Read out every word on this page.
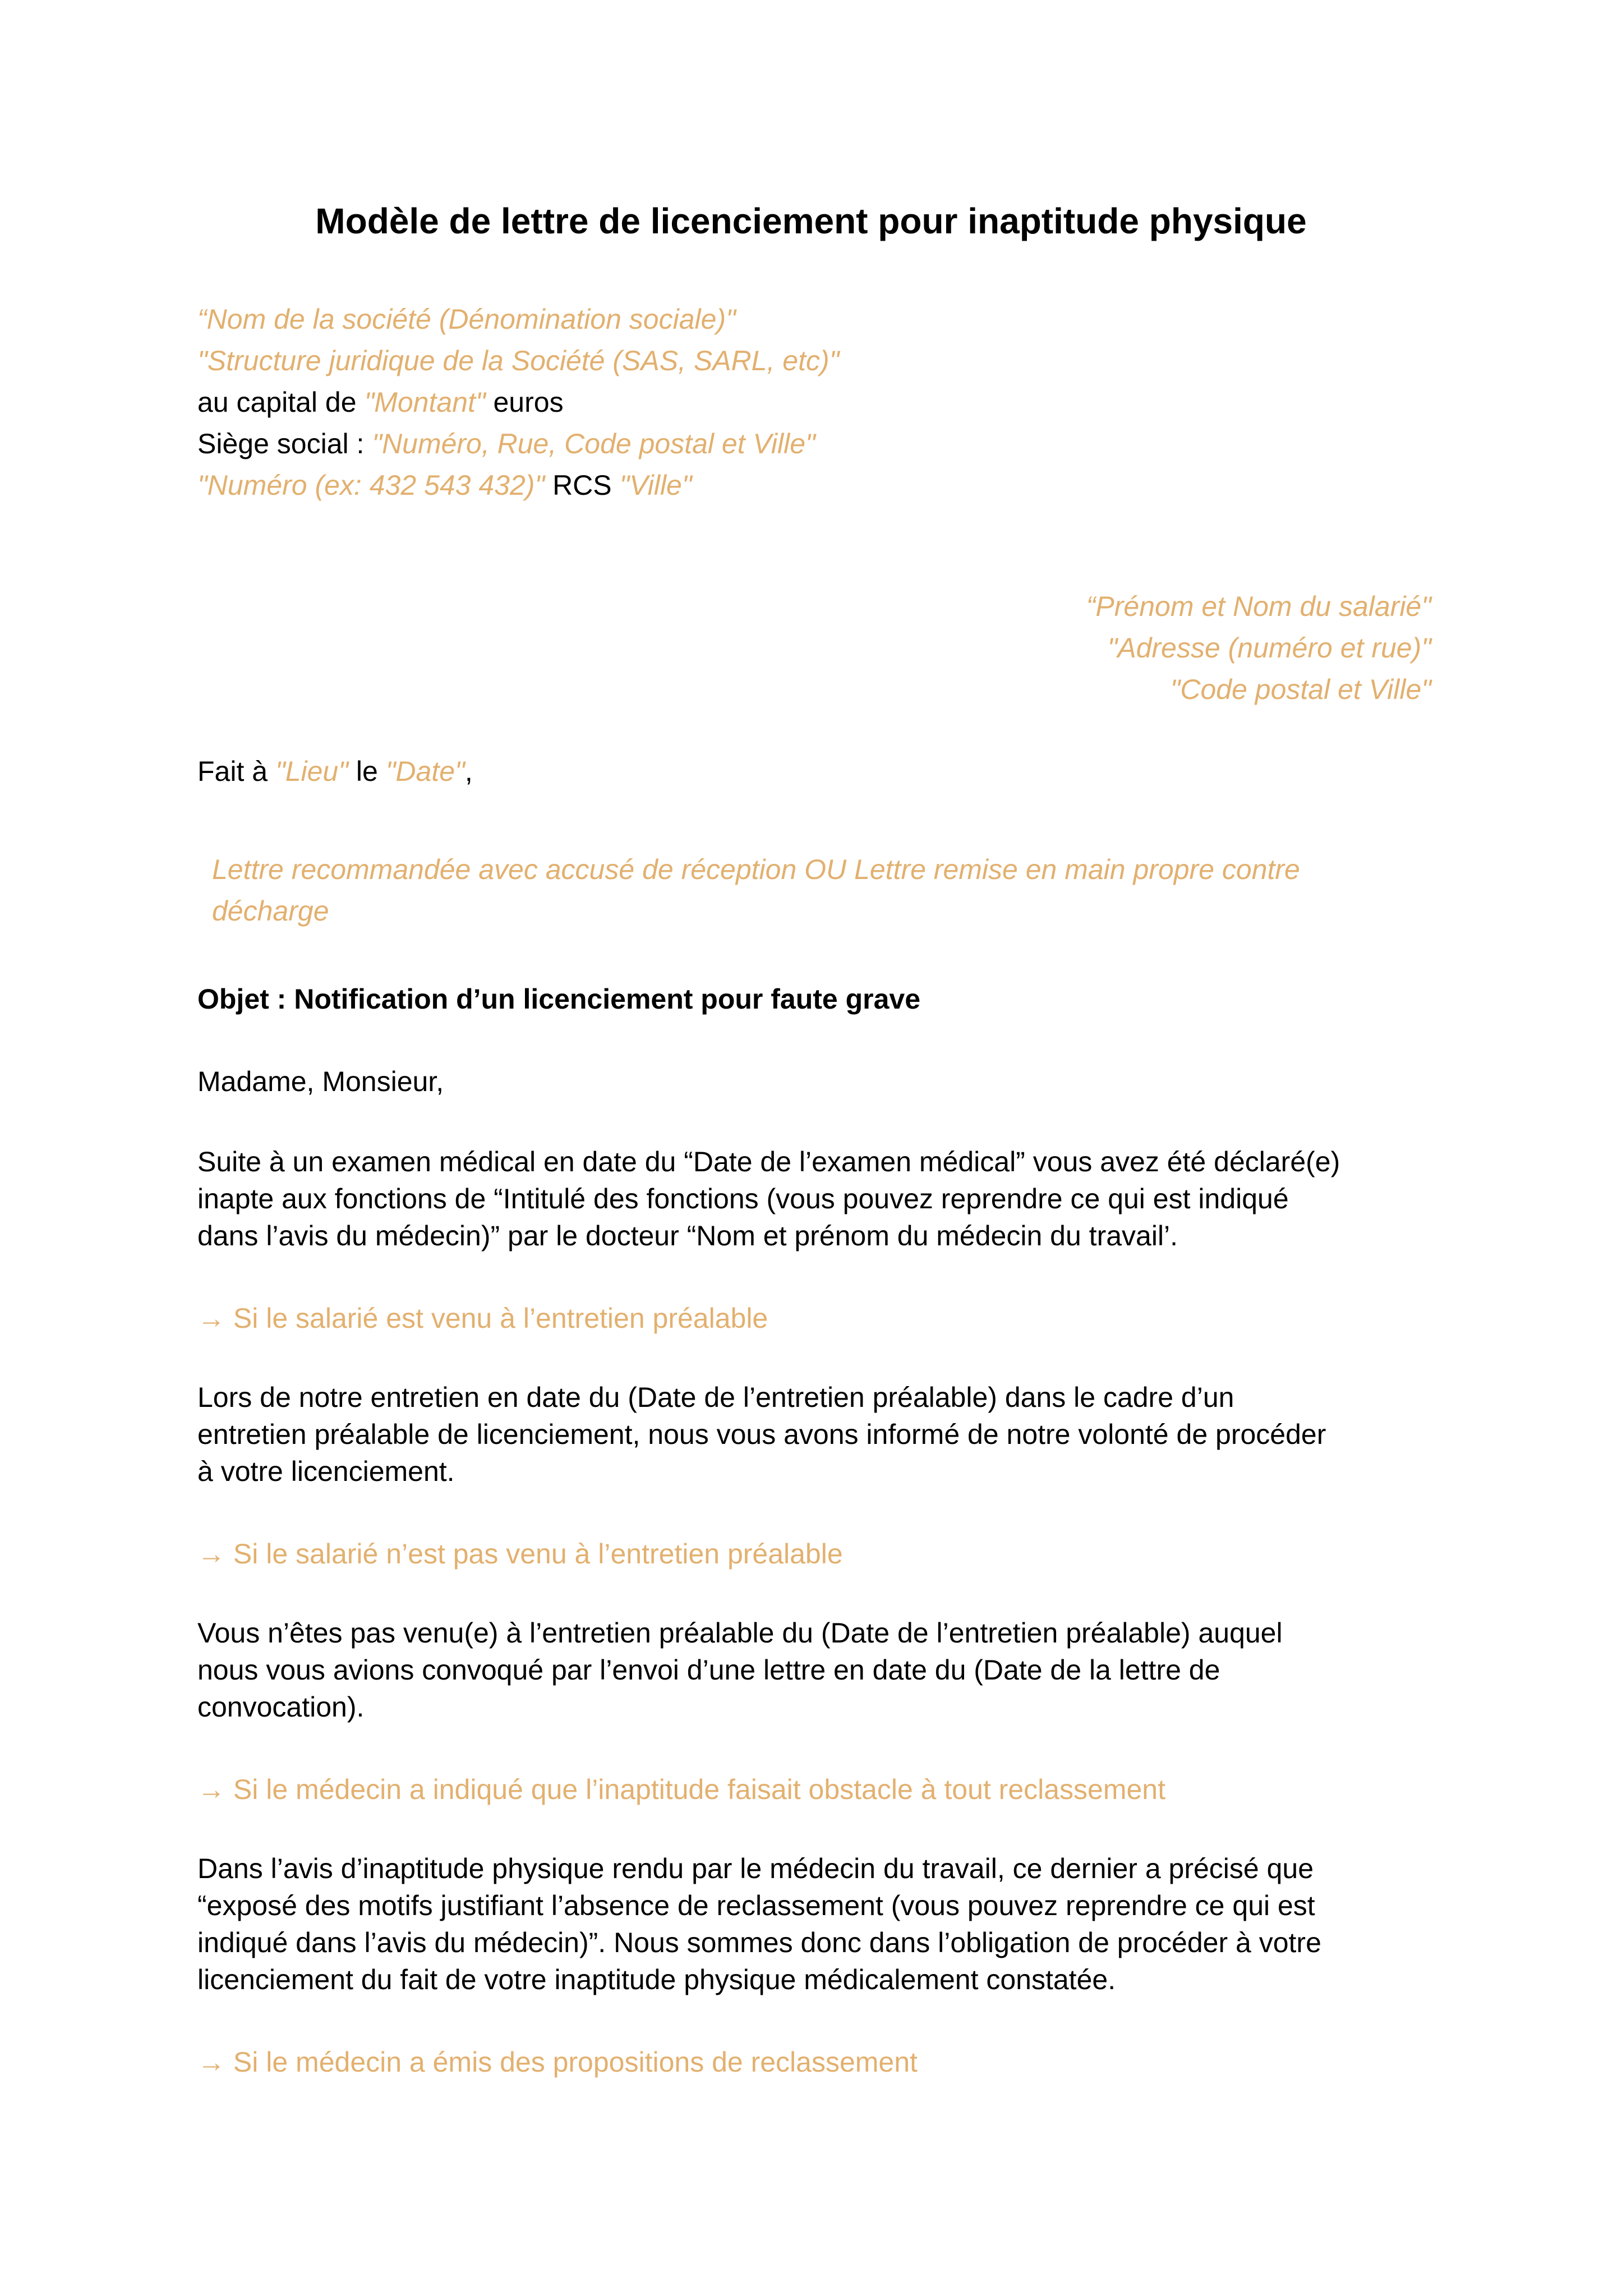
Modèle de lettre de licenciement pour inaptitude physique
“Nom de la société (Dénomination sociale)"
"Structure juridique de la Société (SAS, SARL, etc)"
au capital de "Montant" euros
Siège social : "Numéro, Rue, Code postal et Ville"
"Numéro (ex: 432 543 432)" RCS "Ville"
“Prénom et Nom du salarié"
"Adresse (numéro et rue)"
"Code postal et Ville"
Fait à "Lieu" le "Date",
Lettre recommandée avec accusé de réception OU Lettre remise en main propre contre
décharge
Objet : Notification d’un licenciement pour faute grave
Madame, Monsieur,
Suite à un examen médical en date du “Date de l’examen médical” vous avez été déclaré(e)
inapte aux fonctions de “Intitulé des fonctions (vous pouvez reprendre ce qui est indiqué
dans l’avis du médecin)” par le docteur “Nom et prénom du médecin du travail’.
→ Si le salarié est venu à l’entretien préalable
Lors de notre entretien en date du (Date de l’entretien préalable) dans le cadre d’un
entretien préalable de licenciement, nous vous avons informé de notre volonté de procéder
à votre licenciement.
→ Si le salarié n’est pas venu à l’entretien préalable
Vous n’êtes pas venu(e) à l’entretien préalable du (Date de l’entretien préalable) auquel
nous vous avions convoqué par l’envoi d’une lettre en date du (Date de la lettre de
convocation).
→ Si le médecin a indiqué que l’inaptitude faisait obstacle à tout reclassement
Dans l’avis d’inaptitude physique rendu par le médecin du travail, ce dernier a précisé que
“exposé des motifs justifiant l’absence de reclassement (vous pouvez reprendre ce qui est
indiqué dans l’avis du médecin)”. Nous sommes donc dans l’obligation de procéder à votre
licenciement du fait de votre inaptitude physique médicalement constatée.
→ Si le médecin a émis des propositions de reclassement
